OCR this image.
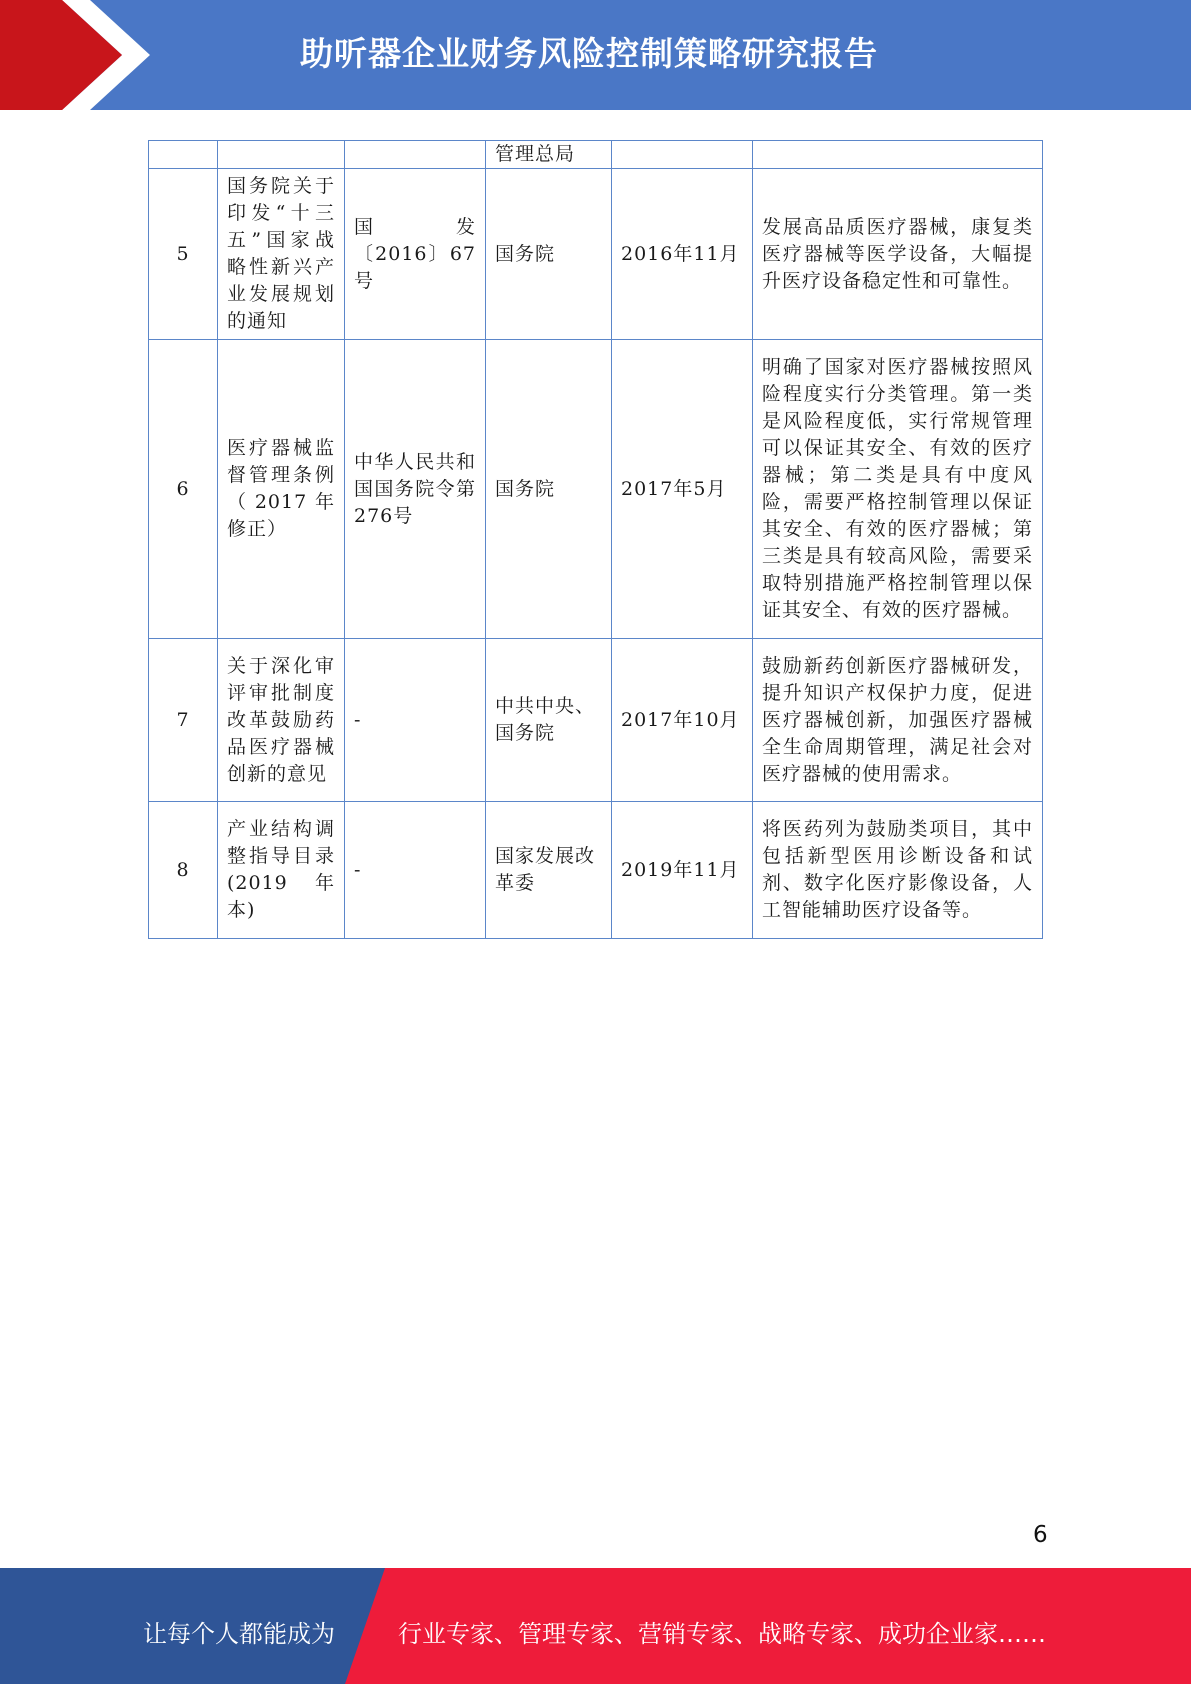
助听器企业财务风险控制策略研究报告
			管理总局		
5	国务院关于印发“十三五”国家战略性新兴产业发展规划的通知	国发〔2016〕67号	国务院	2016年11月	发展高品质医疗器械，康复类医疗器械等医学设备，大幅提升医疗设备稳定性和可靠性。
6	医疗器械监督管理条例（2017年修正）	中华人民共和国国务院令第276号	国务院	2017年5月	明确了国家对医疗器械按照风险程度实行分类管理。第一类是风险程度低，实行常规管理可以保证其安全、有效的医疗器械；第二类是具有中度风险，需要严格控制管理以保证其安全、有效的医疗器械；第三类是具有较高风险，需要采取特别措施严格控制管理以保证其安全、有效的医疗器械。
7	关于深化审评审批制度改革鼓励药品医疗器械创新的意见	-	中共中央、国务院	2017年10月	鼓励新药创新医疗器械研发，提升知识产权保护力度，促进医疗器械创新，加强医疗器械全生命周期管理，满足社会对医疗器械的使用需求。
8	产业结构调整指导目录(2019年本)	-	国家发展改革委	2019年11月	将医药列为鼓励类项目，其中包括新型医用诊断设备和试剂、数字化医疗影像设备，人工智能辅助医疗设备等。
6
让每个人都能成为	行业专家、管理专家、营销专家、战略专家、成功企业家……
